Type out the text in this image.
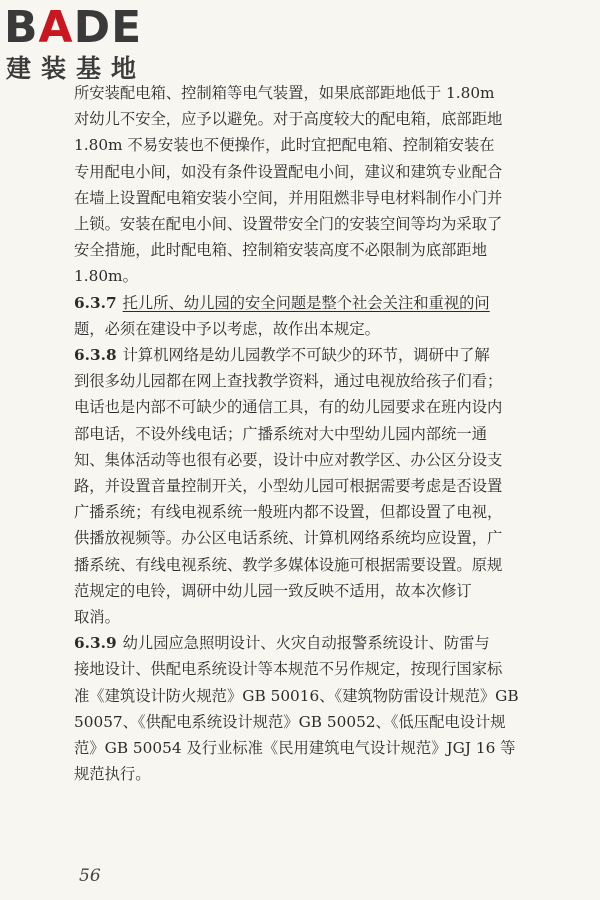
BADE
建装基地

所安装配电箱、控制箱等电气装置，如果底部距地低于 1.80m
对幼儿不安全，应予以避免。对于高度较大的配电箱，底部距地
1.80m 不易安装也不便操作，此时宜把配电箱、控制箱安装在
专用配电小间，如没有条件设置配电小间，建议和建筑专业配合
在墙上设置配电箱安装小空间，并用阻燃非导电材料制作小门并
上锁。安装在配电小间、设置带安全门的安装空间等均为采取了
安全措施，此时配电箱、控制箱安装高度不必限制为底部距地
1.80m。

6.3.7 托儿所、幼儿园的安全问题是整个社会关注和重视的问
题，必须在建设中予以考虑，故作出本规定。

6.3.8 计算机网络是幼儿园教学不可缺少的环节，调研中了解
到很多幼儿园都在网上查找教学资料，通过电视放给孩子们看；
电话也是内部不可缺少的通信工具，有的幼儿园要求在班内设内
部电话，不设外线电话；广播系统对大中型幼儿园内部统一通
知、集体活动等也很有必要，设计中应对教学区、办公区分设支
路，并设置音量控制开关，小型幼儿园可根据需要考虑是否设置
广播系统；有线电视系统一般班内都不设置，但都设置了电视，
供播放视频等。办公区电话系统、计算机网络系统均应设置，广
播系统、有线电视系统、教学多媒体设施可根据需要设置。原规
范规定的电铃，调研中幼儿园一致反映不适用，故本次修订
取消。

6.3.9 幼儿园应急照明设计、火灾自动报警系统设计、防雷与
接地设计、供配电系统设计等本规范不另作规定，按现行国家标
准《建筑设计防火规范》GB 50016、《建筑物防雷设计规范》GB
50057、《供配电系统设计规范》GB 50052、《低压配电设计规
范》GB 50054 及行业标准《民用建筑电气设计规范》JGJ 16 等
规范执行。

56
